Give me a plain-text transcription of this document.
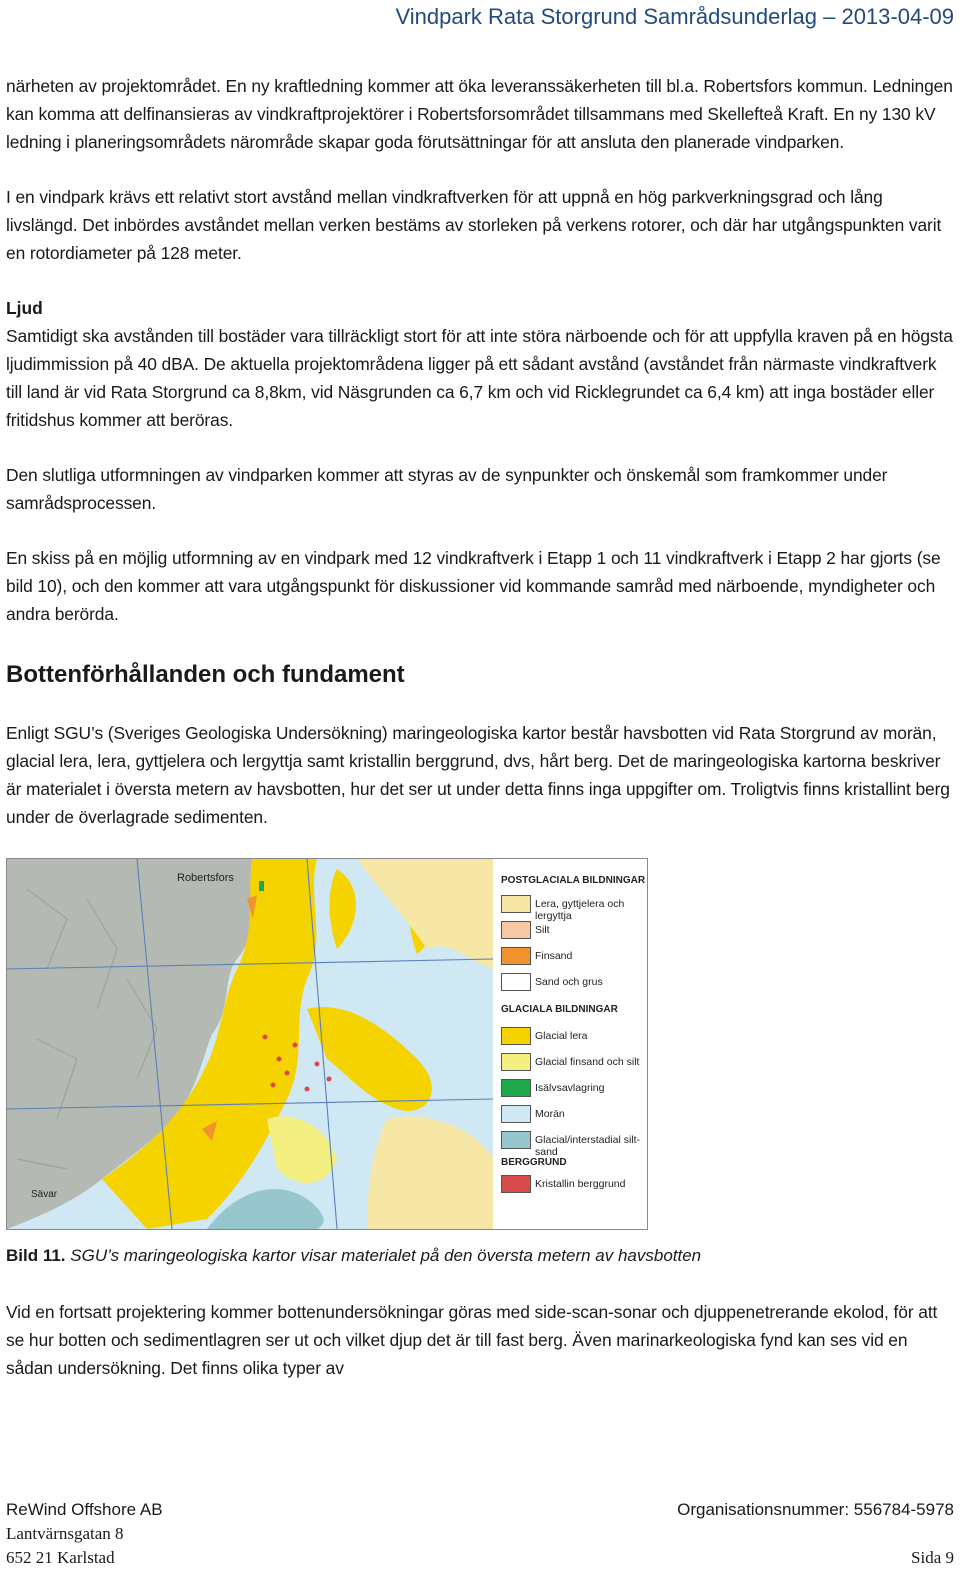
Vindpark Rata Storgrund Samrådsunderlag – 2013-04-09

närheten av projektområdet. En ny kraftledning kommer att öka leveranssäkerheten till bl.a. Robertsfors kommun. Ledningen kan komma att delfinansieras av vindkraftprojektörer i Robertsforsområdet tillsammans med Skellefteå Kraft. En ny 130 kV ledning i planeringsområdets närområde skapar goda förutsättningar för att ansluta den planerade vindparken.

I en vindpark krävs ett relativt stort avstånd mellan vindkraftverken för att uppnå en hög parkverkningsgrad och lång livslängd. Det inbördes avståndet mellan verken bestäms av storleken på verkens rotorer, och där har utgångspunkten varit en rotordiameter på 128 meter.

Ljud

Samtidigt ska avstånden till bostäder vara tillräckligt stort för att inte störa närboende och för att uppfylla kraven på en högsta ljudimmission på 40 dBA. De aktuella projektområdena ligger på ett sådant avstånd (avståndet från närmaste vindkraftverk till land är vid Rata Storgrund ca 8,8km, vid Näsgrunden ca 6,7 km och vid Ricklegrundet ca 6,4 km) att inga bostäder eller fritidshus kommer att beröras.

Den slutliga utformningen av vindparken kommer att styras av de synpunkter och önskemål som framkommer under samrådsprocessen.

En skiss på en möjlig utformning av en vindpark med 12 vindkraftverk i Etapp 1 och 11 vindkraftverk i Etapp 2 har gjorts (se bild 10), och den kommer att vara utgångspunkt för diskussioner vid kommande samråd med närboende, myndigheter och andra berörda.

Bottenförhållanden och fundament

Enligt SGU’s (Sveriges Geologiska Undersökning) maringeologiska kartor består havsbotten vid Rata Storgrund av morän, glacial lera, lera, gyttjelera och lergyttja samt kristallin berggrund, dvs, hårt berg. Det de maringeologiska kartorna beskriver är materialet i översta metern av havsbotten, hur det ser ut under detta finns inga uppgifter om. Troligtvis finns kristallint berg under de överlagrade sedimenten.

Robertsfors
Sävar
POSTGLACIALA BILDNINGAR
GLACIALA BILDNINGAR
BERGGRUND
Lera, gyttjelera och lergyttja
Silt
Finsand
Sand och grus
Glacial lera
Glacial finsand och silt
Isälvsavlagring
Morän
Glacial/interstadial silt-sand
Kristallin berggrund
Bild 11. SGU’s maringeologiska kartor visar materialet på den översta metern av havsbotten

Vid en fortsatt projektering kommer bottenundersökningar göras med side-scan-sonar och djuppenetrerande ekolod, för att se hur botten och sedimentlagren ser ut och vilket djup det är till fast berg. Även marinarkeologiska fynd kan ses vid en sådan undersökning. Det finns olika typer av

ReWind Offshore AB	Organisationsnummer: 556784-5978
Lantvärnsgatan 8
652 21 Karlstad	Sida 9
